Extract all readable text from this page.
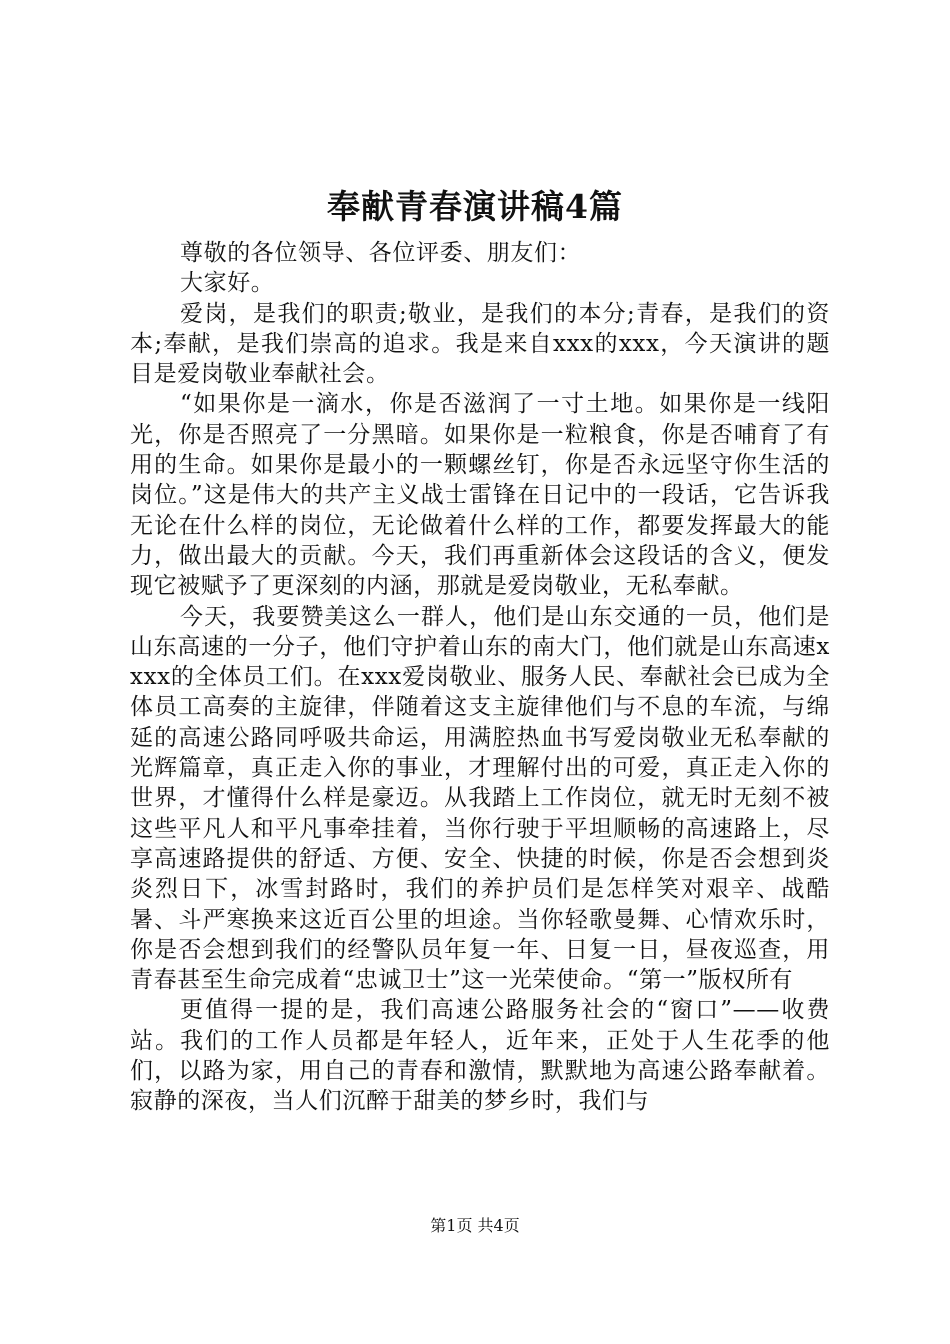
奉献青春演讲稿4篇

尊敬的各位领导、各位评委、朋友们：

大家好。

爱岗，是我们的职责;敬业，是我们的本分;青春，是我们的资本;奉献，是我们崇高的追求。我是来自xxx的xxx，今天演讲的题目是爱岗敬业奉献社会。

“如果你是一滴水，你是否滋润了一寸土地。如果你是一线阳光，你是否照亮了一分黑暗。如果你是一粒粮食，你是否哺育了有用的生命。如果你是最小的一颗螺丝钉，你是否永远坚守你生活的岗位。”这是伟大的共产主义战士雷锋在日记中的一段话，它告诉我无论在什么样的岗位，无论做着什么样的工作，都要发挥最大的能力，做出最大的贡献。今天，我们再重新体会这段话的含义，便发现它被赋予了更深刻的内涵，那就是爱岗敬业，无私奉献。

今天，我要赞美这么一群人，他们是山东交通的一员，他们是山东高速的一分子，他们守护着山东的南大门，他们就是山东高速xxxx的全体员工们。在xxx爱岗敬业、服务人民、奉献社会已成为全体员工高奏的主旋律，伴随着这支主旋律他们与不息的车流，与绵延的高速公路同呼吸共命运，用满腔热血书写爱岗敬业无私奉献的光辉篇章，真正走入你的事业，才理解付出的可爱，真正走入你的世界，才懂得什么样是豪迈。从我踏上工作岗位，就无时无刻不被这些平凡人和平凡事牵挂着，当你行驶于平坦顺畅的高速路上，尽享高速路提供的舒适、方便、安全、快捷的时候，你是否会想到炎炎烈日下，冰雪封路时，我们的养护员们是怎样笑对艰辛、战酷暑、斗严寒换来这近百公里的坦途。当你轻歌曼舞、心情欢乐时，你是否会想到我们的经警队员年复一年、日复一日，昼夜巡查，用青春甚至生命完成着“忠诚卫士”这一光荣使命。“第一”版权所有

更值得一提的是，我们高速公路服务社会的“窗口”——收费站。我们的工作人员都是年轻人，近年来，正处于人生花季的他们，以路为家，用自己的青春和激情，默默地为高速公路奉献着。寂静的深夜，当人们沉醉于甜美的梦乡时，我们与

第1页 共4页
